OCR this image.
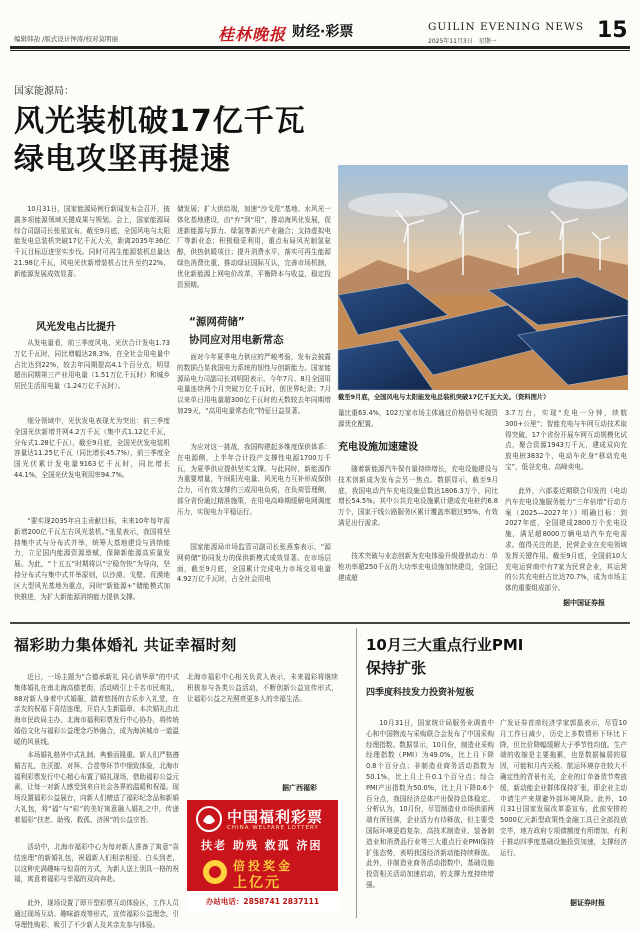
编辑韩劼 /版式设计钟涛/校对莫明丽	桂林晚报 财经·彩票	GUILIN EVENING NEWS
2025年11月3日 星期一	15
国家能源局：
风光装机破17亿千瓦
绿电攻坚再提速
10月31日，国家能源局例行新闻发布会召开，披露多项能源领域关键成果与规划。会上，国家能源局综合司副司长张星宣布，截至9月底，全国风电与太阳能发电总装机突破17亿千瓦大关，距离2035年36亿千瓦目标迈进坚实步伐。同时可再生能源装机总量达21.98亿千瓦，风电光伏新增装机占比升至约22%，新能源发展成效显著。
风光发电占比提升
从发电量看，前三季度风电、光伏合计发电1.73万亿千瓦时，同比增幅达28.3%，在全社会用电量中占比达到22%，较去年同期提高4.1个百分点，明显超出同期第三产业用电量（1.51万亿千瓦时）和城乡居民生活用电量（1.24万亿千瓦时）。
细分领域中，光伏发电表现尤为突出：前三季度全国光伏新增并网4.2万千瓦（集中式1.12亿千瓦，分布式1.28亿千瓦），截至9月底，全国光伏发电装机容量达11.25亿千瓦（同比增长45.7%），前三季度全国光伏累计发电量9163亿千瓦时，同比增长44.1%，全国光伏发电利用率94.7%。
“要实现2035年自主贡献目标，未来10年每年需新增200亿千瓦左右风光装机。”张星表示，我国将坚持集中式与分布式并举，统筹大基地建设与消纳能力，立足国内能源资源禀赋，保障新能源高质量发展。为此，“十五五”时期将以“宁稳勿快”为导向，坚持分布式与集中式并举原则，以沙漠、戈壁、荒漠地区大型风光基地为重点，同时“新能源+”储能模式加快推进，为扩大新能源消纳能力提供支撑。
储发展；扩大供给端，加速“沙戈荒”基地、水风光一体化基地建设，由“弃”到“用”，推动海风化发展，促进新能源与算力、绿氢等新兴产业融合；支持虚拟电厂等新业态；积极稳妥利用，重点布局风光制氢氨醇，供热供暖项目；提升消费水平，落实可再生能源绿色消费比重，推动绿证国际互认，完善市场机制，优化新能源上网电价改革，平衡降本与收益，稳定投资预期。
“源网荷储”
协同应对用电新常态
面对今年夏季电力供应的严峻考验，发布会披露的数据凸显我国电力系统的韧性与创新能力。国家能源局电力司副司长刘明阳表示，今年7月、8月全国用电量连续两个月突破万亿千瓦时，创世界纪录；7月以来单日用电量超300亿千瓦时的天数较去年同期增加29天，“高用电量常态化”特征日益显著。
为应对这一挑战，我国构建起多维度保供体系：在电源侧，上半年合计投产支撑性电源1700万千瓦，为夏季供应提供坚实支撑。与此同时，新能源作为重要增量，午间阳光电量、风光电力互补形成保供合力，可有效支撑约三成用电负荷，在负荷管理侧，部分省份通过精准施策，在用电高峰期缓解电网调度压力，实现电力平稳运行。
国家能源局市场监管司副司长张燕秦表示，“源网荷储”协同发力的保供新模式成效显著。在市场层面，截至9月底，全国累计完成电力市场交易电量4.92万亿千瓦时，占全社会用电
截至9月底，全国风电与太阳能发电总装机突破17亿千瓦大关。（资料图片）
量比重63.4%，102万家市场主体通过价格信号实现资源优化配置。
充电设施加速建设
随着新能源汽车保有量持续增长，充电设施建设与技术创新成为发布会另一焦点。数据显示，截至9月底，我国电动汽车充电设施总数达1806.3万个，同比增长54.5%。其中公共充电设施累计建成充电桩约6.8万个，国家干线公路服务区累计覆盖率超过95%，有效满足出行需求。
技术突破与业态创新为充电体验升级提供动力：单枪功率超250千瓦的大功率充电设施加快建设，全国已建成超
3.7万台，实现“充电一分钟，续航300+公里”；智能充电与车网互动技术取得突破，17个省份开展车网互动规模化试点，聚合资源1943万千瓦，建成双向充放电桩3832个，电动车化身“移动充电宝”，低谷充电、高峰卖电。
此外，六部委近期联合印发的《电动汽车充电设施服务能力“三年倍增”行动方案（2025—2027年）》明确目标：到2027年底，全国建成2800万个充电设施，满足超8000万辆电动汽车充电需求。值得关注的是，民营企业在充电领域发挥关键作用。截至9月底，全国前10大充电运营商中有7家为民营企业，其运营的公共充电桩占比达70.7%，成为市场主体的重要组成部分。
据中国证券报
福彩助力集体婚礼 共证幸福时刻
近日，一场主题为“合德承新礼 同心谱华章”的中式集体婚礼在南北海高德老街，活动吸引上千名市民观礼，88对新人身着中式婚服，踏着悠扬的古乐步入礼堂，在亲友的祝福下喜结连理，开启人生新篇章。本次婚礼由北海市民政局主办，北海市福利彩票发行中心协办，将传统婚俗文化与福彩公益理念巧妙融合，成为海滨城市一道温暖的风景线。
本场婚礼格外中式礼制、典雅而隆重。新人们严格遵循古礼，在沃盥、对拜、合卺等环节中细致体验，北海市福利彩票发行中心精心布置了婚礼现场，借助福彩公益元素，让每一对新人感受到来自社会各界的温暖和祝福。现场设置福彩公益展台，向新人们赠送了福彩纪念品和新婚大礼包，将“福”与“彩”的美好寓意融入婚礼之中，传递着福彩“扶老、助残、救孤、济困”的公益宗旨。
活动中，北海市福彩中心为每对新人准备了寓意“喜结连理”的新婚礼包，祝福新人们相亲相爱、白头到老，以这种充满趣味与惊喜的方式，为新人送上别具一格的祝福，寓意着福彩与幸福的双向奔赴。
此外，现场设置了即开型彩票互动体验区，工作人员通过现场互动、趣味游戏等形式，宣传福彩公益理念，引导理性购彩，吸引了不少新人及其亲友参与体验。
北海市福彩中心相关负责人表示，未来福彩将继续积极参与各类公益活动，不断创新公益宣传形式，让福彩公益之光照亮更多人的幸福生活。
据广西福彩
中国福利彩票
CHINA WELFARE LOTTERY
扶老 助残 救孤 济困
倍投奖金
上亿元
办站电话：2858741 2837111
10月三大重点行业PMI
保持扩张
四季度科技发力投资补短板
10月31日，国家统计局服务业调查中心和中国物流与采购联合会发布了中国采购经理指数。数据显示，10月份，制造业采购经理指数（PMI）为49.0%，比上月下降0.8个百分点；非制造业商务活动指数为50.1%，比上月上升0.1个百分点；综合PMI产出指数为50.0%，比上月下降0.6个百分点，我国经济总体产出保持总体稳定。分析认为，10月份，尽管制造业市场供需两端有所回落，企业活力有待释放，但主要受国际环境更趋复杂，高技术制造业、装备制造业和消费品行业等三大重点行业PMI保持扩张态势，表明我国经济新动能持续释放。此外，非制造业商务活动指数中，基础设施投资相关活动加速启动，的支撑力度持续增强。
广发证券首席经济学家郭磊表示，尽管10月工作日减少，历史上多数情形下环比下降，但比价降幅缓解大于季节性均值。生产端的收缩是主要拖累，也是数据偏弱的原因，可能和月内关税、航运环境存在较大不确定性的背景有关，企业的订单备货节奏放缓，新动能企业群体保持扩张，即企业主动申请生产来规避外部环境风险。此外，10月31日国家发展改革委宣布，此前安排的5000亿元新型政策性金融工具已全部投放完毕，地方政府专项债额度有所增加，有利于推动四季度基础设施投资加速，支撑经济运行。
据证券时报
